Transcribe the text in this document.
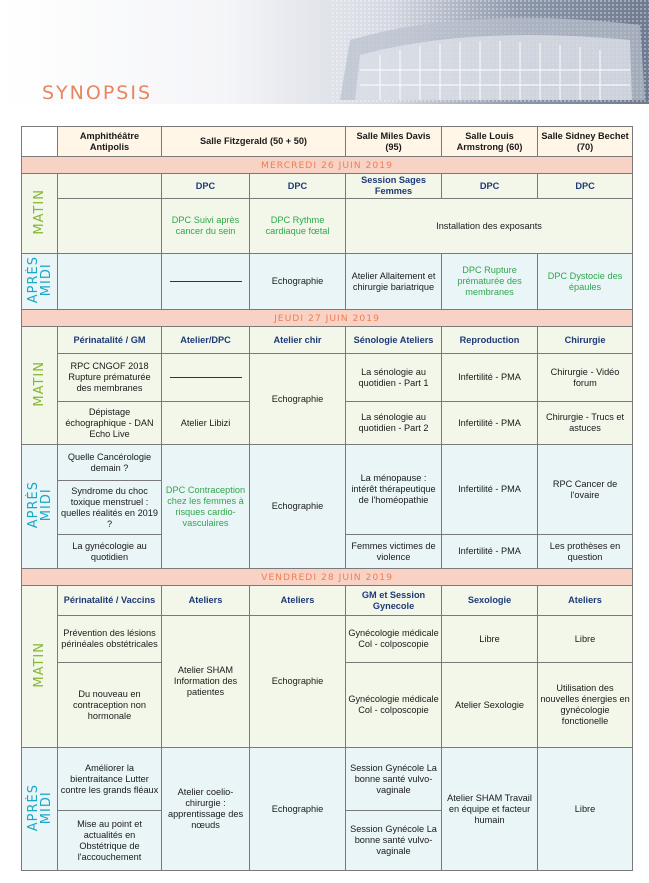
SYNOPSIS
	Amphithéâtre Antipolis	Salle Fitzgerald (50 + 50)		Salle Miles Davis (95)	Salle Louis Armstrong (60)	Salle Sidney Bechet (70)
MERCREDI 26 JUIN 2019						
MATIN		DPC	DPC	Session Sages Femmes	DPC	DPC
		DPC Suivi après cancer du sein	DPC Rythme cardiaque fœtal	Installation des exposants		
APRÈS
MIDI			Echographie	Atelier Allaitement et chirurgie bariatrique	DPC Rupture prématurée des membranes	DPC Dystocie des épaules
JEUDI 27 JUIN 2019						
MATIN	Périnatalité / GM	Atelier/DPC	Atelier chir	Sénologie Ateliers	Reproduction	Chirurgie
	RPC CNGOF 2018 Rupture prématurée des membranes		Echographie	La sénologie au quotidien - Part 1	Infertilité - PMA	Chirurgie - Vidéo forum
	Dépistage échographique - DAN Echo Live	Atelier Libizi		La sénologie au quotidien - Part 2	Infertilité - PMA	Chirurgie - Trucs et astuces
APRÈS
MIDI	Quelle Cancérologie demain ?	DPC Contraception chez les femmes à risques cardio-vasculaires	Echographie	La ménopause : intérêt thérapeutique de l'homéopathie	Infertilité - PMA	RPC Cancer de l'ovaire
	Syndrome du choc toxique menstruel : quelles réalités en 2019 ?					
	La gynécologie au quotidien			Femmes victimes de violence	Infertilité - PMA	Les prothèses en question
VENDREDI 28 JUIN 2019						
MATIN	Périnatalité / Vaccins	Ateliers	Ateliers	GM et Session Gynecole	Sexologie	Ateliers
	Prévention des lésions périnéales obstétricales	Atelier SHAM Information des patientes	Echographie	Gynécologie médicale Col - colposcopie	Libre	Libre
	Du nouveau en contraception non hormonale			Gynécologie médicale Col - colposcopie	Atelier Sexologie	Utilisation des nouvelles énergies en gynécologie fonctionelle
APRÈS
MIDI	Améliorer la bientraitance Lutter contre les grands fléaux	Atelier coeliochirurgie : apprentissage des nœuds	Echographie	Session Gynécole La bonne santé vulvo-vaginale	Atelier SHAM Travail en équipe et facteur humain	Libre
	Mise au point et actualités en Obstétrique de l'accouchement			Session Gynécole La bonne santé vulvo-vaginale		
